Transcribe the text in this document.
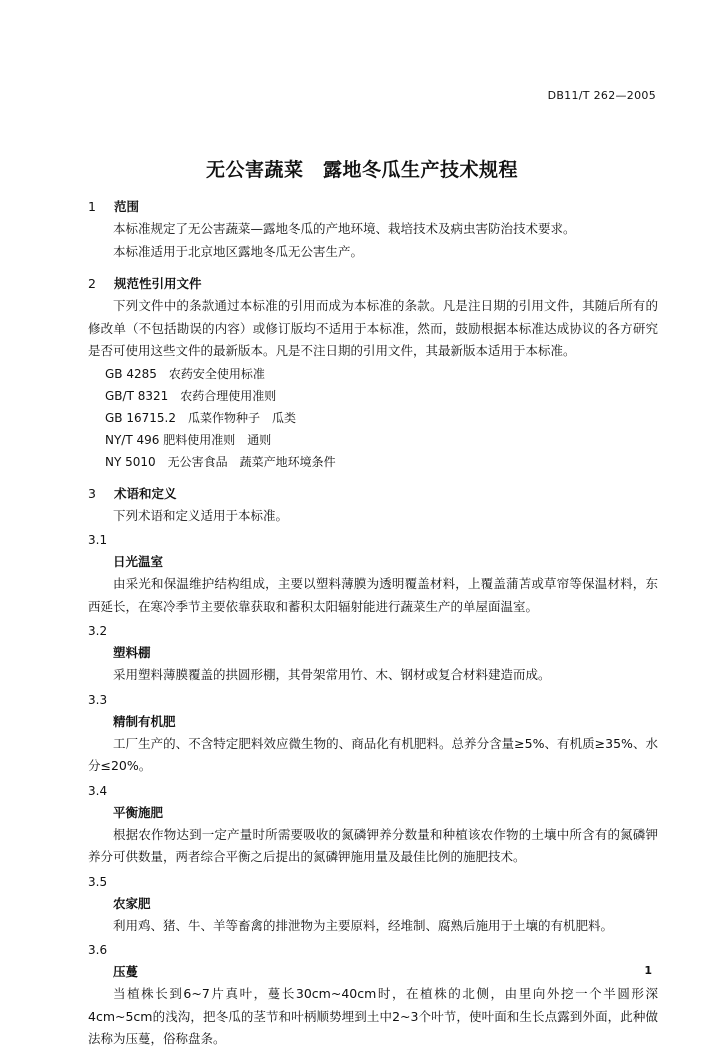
DB11/T 262—2005
无公害蔬菜　露地冬瓜生产技术规程
1 范围

本标准规定了无公害蔬菜—露地冬瓜的产地环境、栽培技术及病虫害防治技术要求。

本标准适用于北京地区露地冬瓜无公害生产。

2 规范性引用文件

下列文件中的条款通过本标准的引用而成为本标准的条款。凡是注日期的引用文件，其随后所有的修改单（不包括勘误的内容）或修订版均不适用于本标准，然而，鼓励根据本标准达成协议的各方研究是否可使用这些文件的最新版本。凡是不注日期的引用文件，其最新版本适用于本标准。

GB 4285　农药安全使用标准
GB/T 8321　农药合理使用准则
GB 16715.2　瓜菜作物种子　瓜类
NY/T 496 肥料使用准则　通则
NY 5010　无公害食品　蔬菜产地环境条件
3 术语和定义

下列术语和定义适用于本标准。

3.1
日光温室

由采光和保温维护结构组成，主要以塑料薄膜为透明覆盖材料，上覆盖蒲苫或草帘等保温材料，东西延长，在寒冷季节主要依靠获取和蓄积太阳辐射能进行蔬菜生产的单屋面温室。

3.2
塑料棚

采用塑料薄膜覆盖的拱圆形棚，其骨架常用竹、木、钢材或复合材料建造而成。

3.3
精制有机肥

工厂生产的、不含特定肥料效应微生物的、商品化有机肥料。总养分含量≥5%、有机质≥35%、水分≤20%。

3.4
平衡施肥

根据农作物达到一定产量时所需要吸收的氮磷钾养分数量和种植该农作物的土壤中所含有的氮磷钾养分可供数量，两者综合平衡之后提出的氮磷钾施用量及最佳比例的施肥技术。

3.5
农家肥

利用鸡、猪、牛、羊等畜禽的排泄物为主要原料，经堆制、腐熟后施用于土壤的有机肥料。

3.6
压蔓

当植株长到6~7片真叶，蔓长30cm~40cm时，在植株的北侧，由里向外挖一个半圆形深4cm~5cm的浅沟，把冬瓜的茎节和叶柄顺势埋到土中2~3个叶节，使叶面和生长点露到外面，此种做法称为压蔓，俗称盘条。

1
